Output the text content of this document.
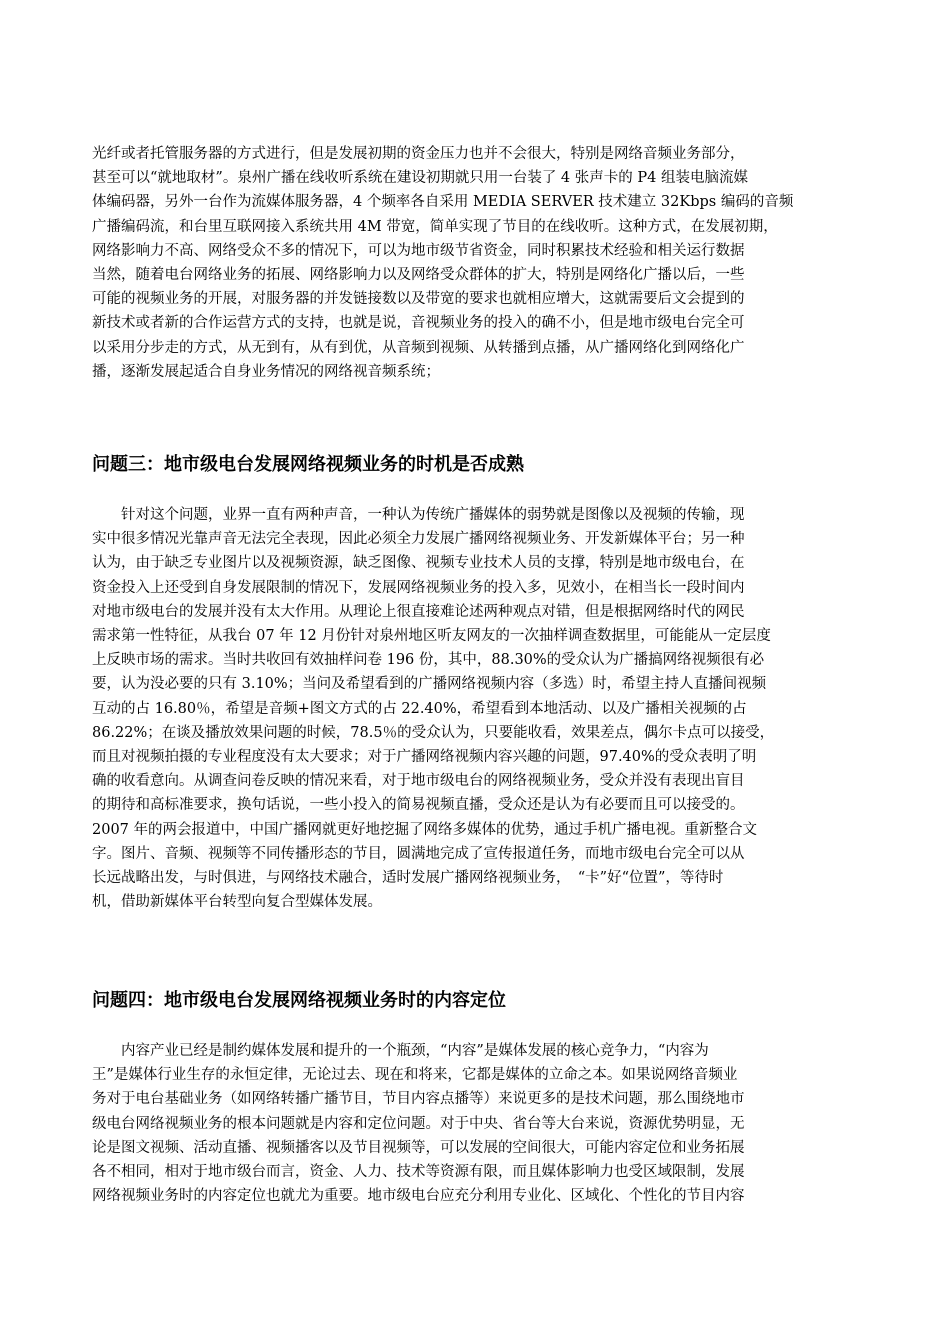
光纤或者托管服务器的方式进行，但是发展初期的资金压力也并不会很大，特别是网络音频业务部分，
甚至可以“就地取材”。泉州广播在线收听系统在建设初期就只用一台装了 4 张声卡的 P4 组装电脑流媒
体编码器，另外一台作为流媒体服务器，4 个频率各自采用 MEDIA SERVER 技术建立 32Kbps 编码的音频
广播编码流，和台里互联网接入系统共用 4M 带宽，简单实现了节目的在线收听。这种方式，在发展初期，
网络影响力不高、网络受众不多的情况下，可以为地市级节省资金，同时积累技术经验和相关运行数据
当然，随着电台网络业务的拓展、网络影响力以及网络受众群体的扩大，特别是网络化广播以后，一些
可能的视频业务的开展，对服务器的并发链接数以及带宽的要求也就相应增大，这就需要后文会提到的
新技术或者新的合作运营方式的支持，也就是说，音视频业务的投入的确不小，但是地市级电台完全可
以采用分步走的方式，从无到有，从有到优，从音频到视频、从转播到点播，从广播网络化到网络化广
播，逐渐发展起适合自身业务情况的网络视音频系统；
问题三：地市级电台发展网络视频业务的时机是否成熟
　　针对这个问题，业界一直有两种声音，一种认为传统广播媒体的弱势就是图像以及视频的传输，现
实中很多情况光靠声音无法完全表现，因此必须全力发展广播网络视频业务、开发新媒体平台；另一种
认为，由于缺乏专业图片以及视频资源，缺乏图像、视频专业技术人员的支撑，特别是地市级电台，在
资金投入上还受到自身发展限制的情况下，发展网络视频业务的投入多，见效小，在相当长一段时间内
对地市级电台的发展并没有太大作用。从理论上很直接难论述两种观点对错，但是根据网络时代的网民
需求第一性特征，从我台 07 年 12 月份针对泉州地区听友网友的一次抽样调查数据里，可能能从一定层度
上反映市场的需求。当时共收回有效抽样问卷 196 份，其中，88.30%的受众认为广播搞网络视频很有必
要，认为没必要的只有 3.10%；当问及希望看到的广播网络视频内容（多选）时，希望主持人直播间视频
互动的占 16.80％，希望是音频+图文方式的占 22.40%，希望看到本地活动、以及广播相关视频的占
86.22%；在谈及播放效果问题的时候，78.5％的受众认为，只要能收看，效果差点，偶尔卡点可以接受，
而且对视频拍摄的专业程度没有太大要求；对于广播网络视频内容兴趣的问题，97.40%的受众表明了明
确的收看意向。从调查问卷反映的情况来看，对于地市级电台的网络视频业务，受众并没有表现出盲目
的期待和高标准要求，换句话说，一些小投入的简易视频直播，受众还是认为有必要而且可以接受的。
2007 年的两会报道中，中国广播网就更好地挖掘了网络多媒体的优势，通过手机广播电视。重新整合文
字。图片、音频、视频等不同传播形态的节目，圆满地完成了宣传报道任务，而地市级电台完全可以从
长远战略出发，与时俱进，与网络技术融合，适时发展广播网络视频业务，　“卡”好“位置”，等待时
机，借助新媒体平台转型向复合型媒体发展。
问题四：地市级电台发展网络视频业务时的内容定位
　　内容产业已经是制约媒体发展和提升的一个瓶颈，“内容”是媒体发展的核心竞争力，“内容为
王”是媒体行业生存的永恒定律，无论过去、现在和将来，它都是媒体的立命之本。如果说网络音频业
务对于电台基础业务（如网络转播广播节目，节目内容点播等）来说更多的是技术问题，那么围绕地市
级电台网络视频业务的根本问题就是内容和定位问题。对于中央、省台等大台来说，资源优势明显，无
论是图文视频、活动直播、视频播客以及节目视频等，可以发展的空间很大，可能内容定位和业务拓展
各不相同，相对于地市级台而言，资金、人力、技术等资源有限，而且媒体影响力也受区域限制，发展
网络视频业务时的内容定位也就尤为重要。地市级电台应充分利用专业化、区域化、个性化的节目内容
